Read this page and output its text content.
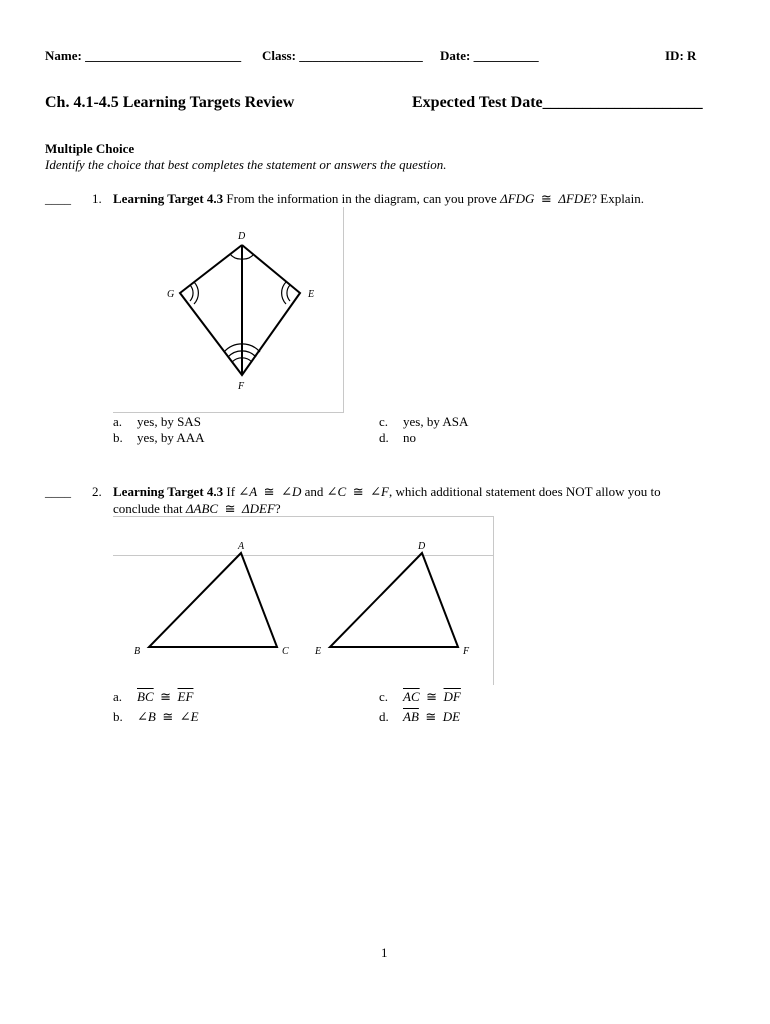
Name: ________________________ Class: ___________________ Date: __________	ID: R
Ch. 4.1-4.5 Learning Targets Review	Expected Test Date____________________
Multiple Choice
Identify the choice that best completes the statement or answers the question.
____ 1. Learning Target 4.3 From the information in the diagram, can you prove ΔFDG ≅ ΔFDE? Explain.
D
G	E
F
a. yes, by SAS
b. yes, by AAA
c. yes, by ASA
d. no
____ 2. Learning Target 4.3 If ∠A ≅ ∠D and ∠C ≅ ∠F, which additional statement does NOT allow you to
conclude that ΔABC ≅ ΔDEF?
A
B	C
D
E	F
a. $\overline{BC}$ ≅ $\overline{EF}$
b. ∠B ≅ ∠E
c. $\overline{AC}$ ≅ $\overline{DF}$
d. $\overline{AB}$ ≅ DE
1
